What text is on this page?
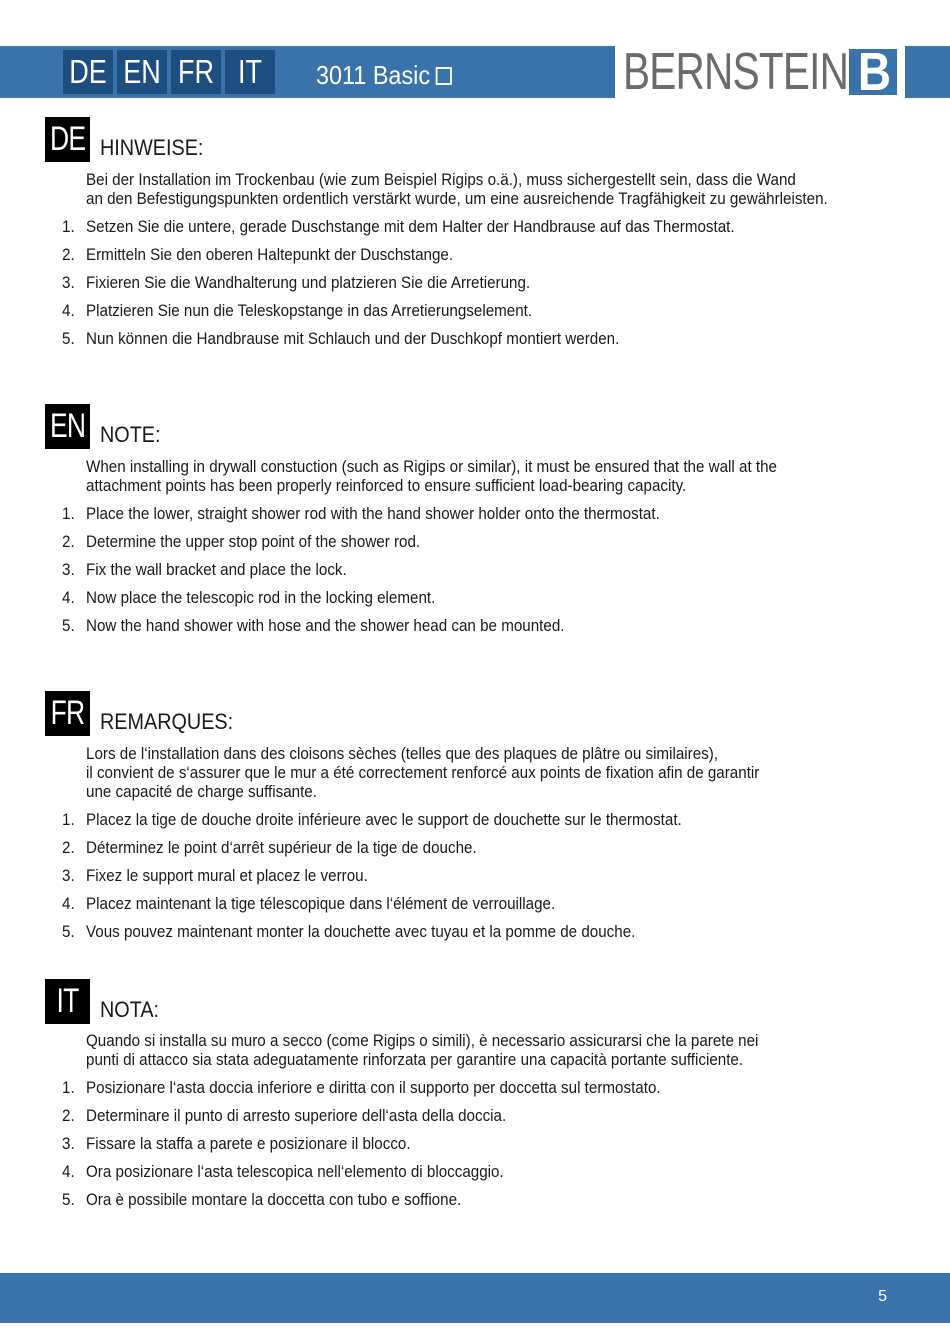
DE EN FR IT	3011 Basic	BERNSTEIN B
DE HINWEISE:

Bei der Installation im Trockenbau (wie zum Beispiel Rigips o.ä.), muss sichergestellt sein, dass die Wand

an den Befestigungspunkten ordentlich verstärkt wurde, um eine ausreichende Tragfähigkeit zu gewährleisten.

1. Setzen Sie die untere, gerade Duschstange mit dem Halter der Handbrause auf das Thermostat.
2. Ermitteln Sie den oberen Haltepunkt der Duschstange.
3. Fixieren Sie die Wandhalterung und platzieren Sie die Arretierung.
4. Platzieren Sie nun die Teleskopstange in das Arretierungselement.
5. Nun können die Handbrause mit Schlauch und der Duschkopf montiert werden.
EN NOTE:

When installing in drywall constuction (such as Rigips or similar), it must be ensured that the wall at the

attachment points has been properly reinforced to ensure sufficient load-bearing capacity.

1. Place the lower, straight shower rod with the hand shower holder onto the thermostat.
2. Determine the upper stop point of the shower rod.
3. Fix the wall bracket and place the lock.
4. Now place the telescopic rod in the locking element.
5. Now the hand shower with hose and the shower head can be mounted.
FR REMARQUES:

Lors de l‘installation dans des cloisons sèches (telles que des plaques de plâtre ou similaires),

il convient de s‘assurer que le mur a été correctement renforcé aux points de fixation afin de garantir

une capacité de charge suffisante.

1. Placez la tige de douche droite inférieure avec le support de douchette sur le thermostat.
2. Déterminez le point d‘arrêt supérieur de la tige de douche.
3. Fixez le support mural et placez le verrou.
4. Placez maintenant la tige télescopique dans l‘élément de verrouillage.
5. Vous pouvez maintenant monter la douchette avec tuyau et la pomme de douche.
IT NOTA:

Quando si installa su muro a secco (come Rigips o simili), è necessario assicurarsi che la parete nei

punti di attacco sia stata adeguatamente rinforzata per garantire una capacità portante sufficiente.

1. Posizionare l‘asta doccia inferiore e diritta con il supporto per doccetta sul termostato.
2. Determinare il punto di arresto superiore dell‘asta della doccia.
3. Fissare la staffa a parete e posizionare il blocco.
4. Ora posizionare l‘asta telescopica nell‘elemento di bloccaggio.
5. Ora è possibile montare la doccetta con tubo e soffione.
5
